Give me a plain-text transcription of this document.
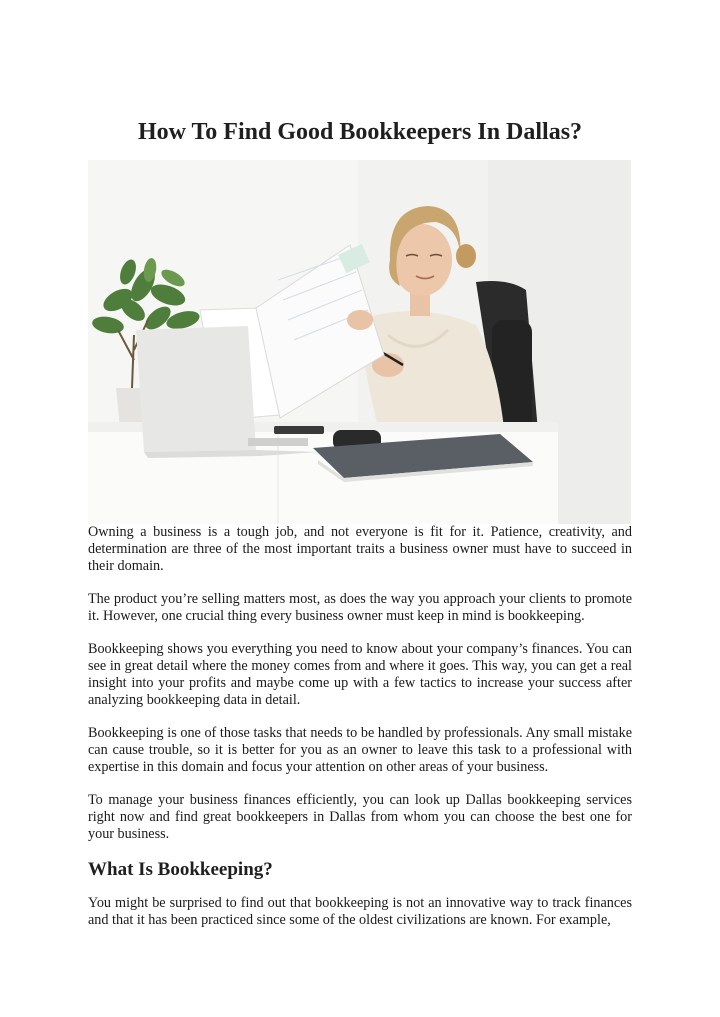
How To Find Good Bookkeepers In Dallas?

Owning a business is a tough job, and not everyone is fit for it. Patience, creativity, and determination are three of the most important traits a business owner must have to succeed in their domain.

The product you’re selling matters most, as does the way you approach your clients to promote it. However, one crucial thing every business owner must keep in mind is bookkeeping.

Bookkeeping shows you everything you need to know about your company’s finances. You can see in great detail where the money comes from and where it goes. This way, you can get a real insight into your profits and maybe come up with a few tactics to increase your success after analyzing bookkeeping data in detail.

Bookkeeping is one of those tasks that needs to be handled by professionals. Any small mistake can cause trouble, so it is better for you as an owner to leave this task to a professional with expertise in this domain and focus your attention on other areas of your business.

To manage your business finances efficiently, you can look up Dallas bookkeeping services right now and find great bookkeepers in Dallas from whom you can choose the best one for your business.

What Is Bookkeeping?

You might be surprised to find out that bookkeeping is not an innovative way to track finances and that it has been practiced since some of the oldest civilizations are known. For example,
